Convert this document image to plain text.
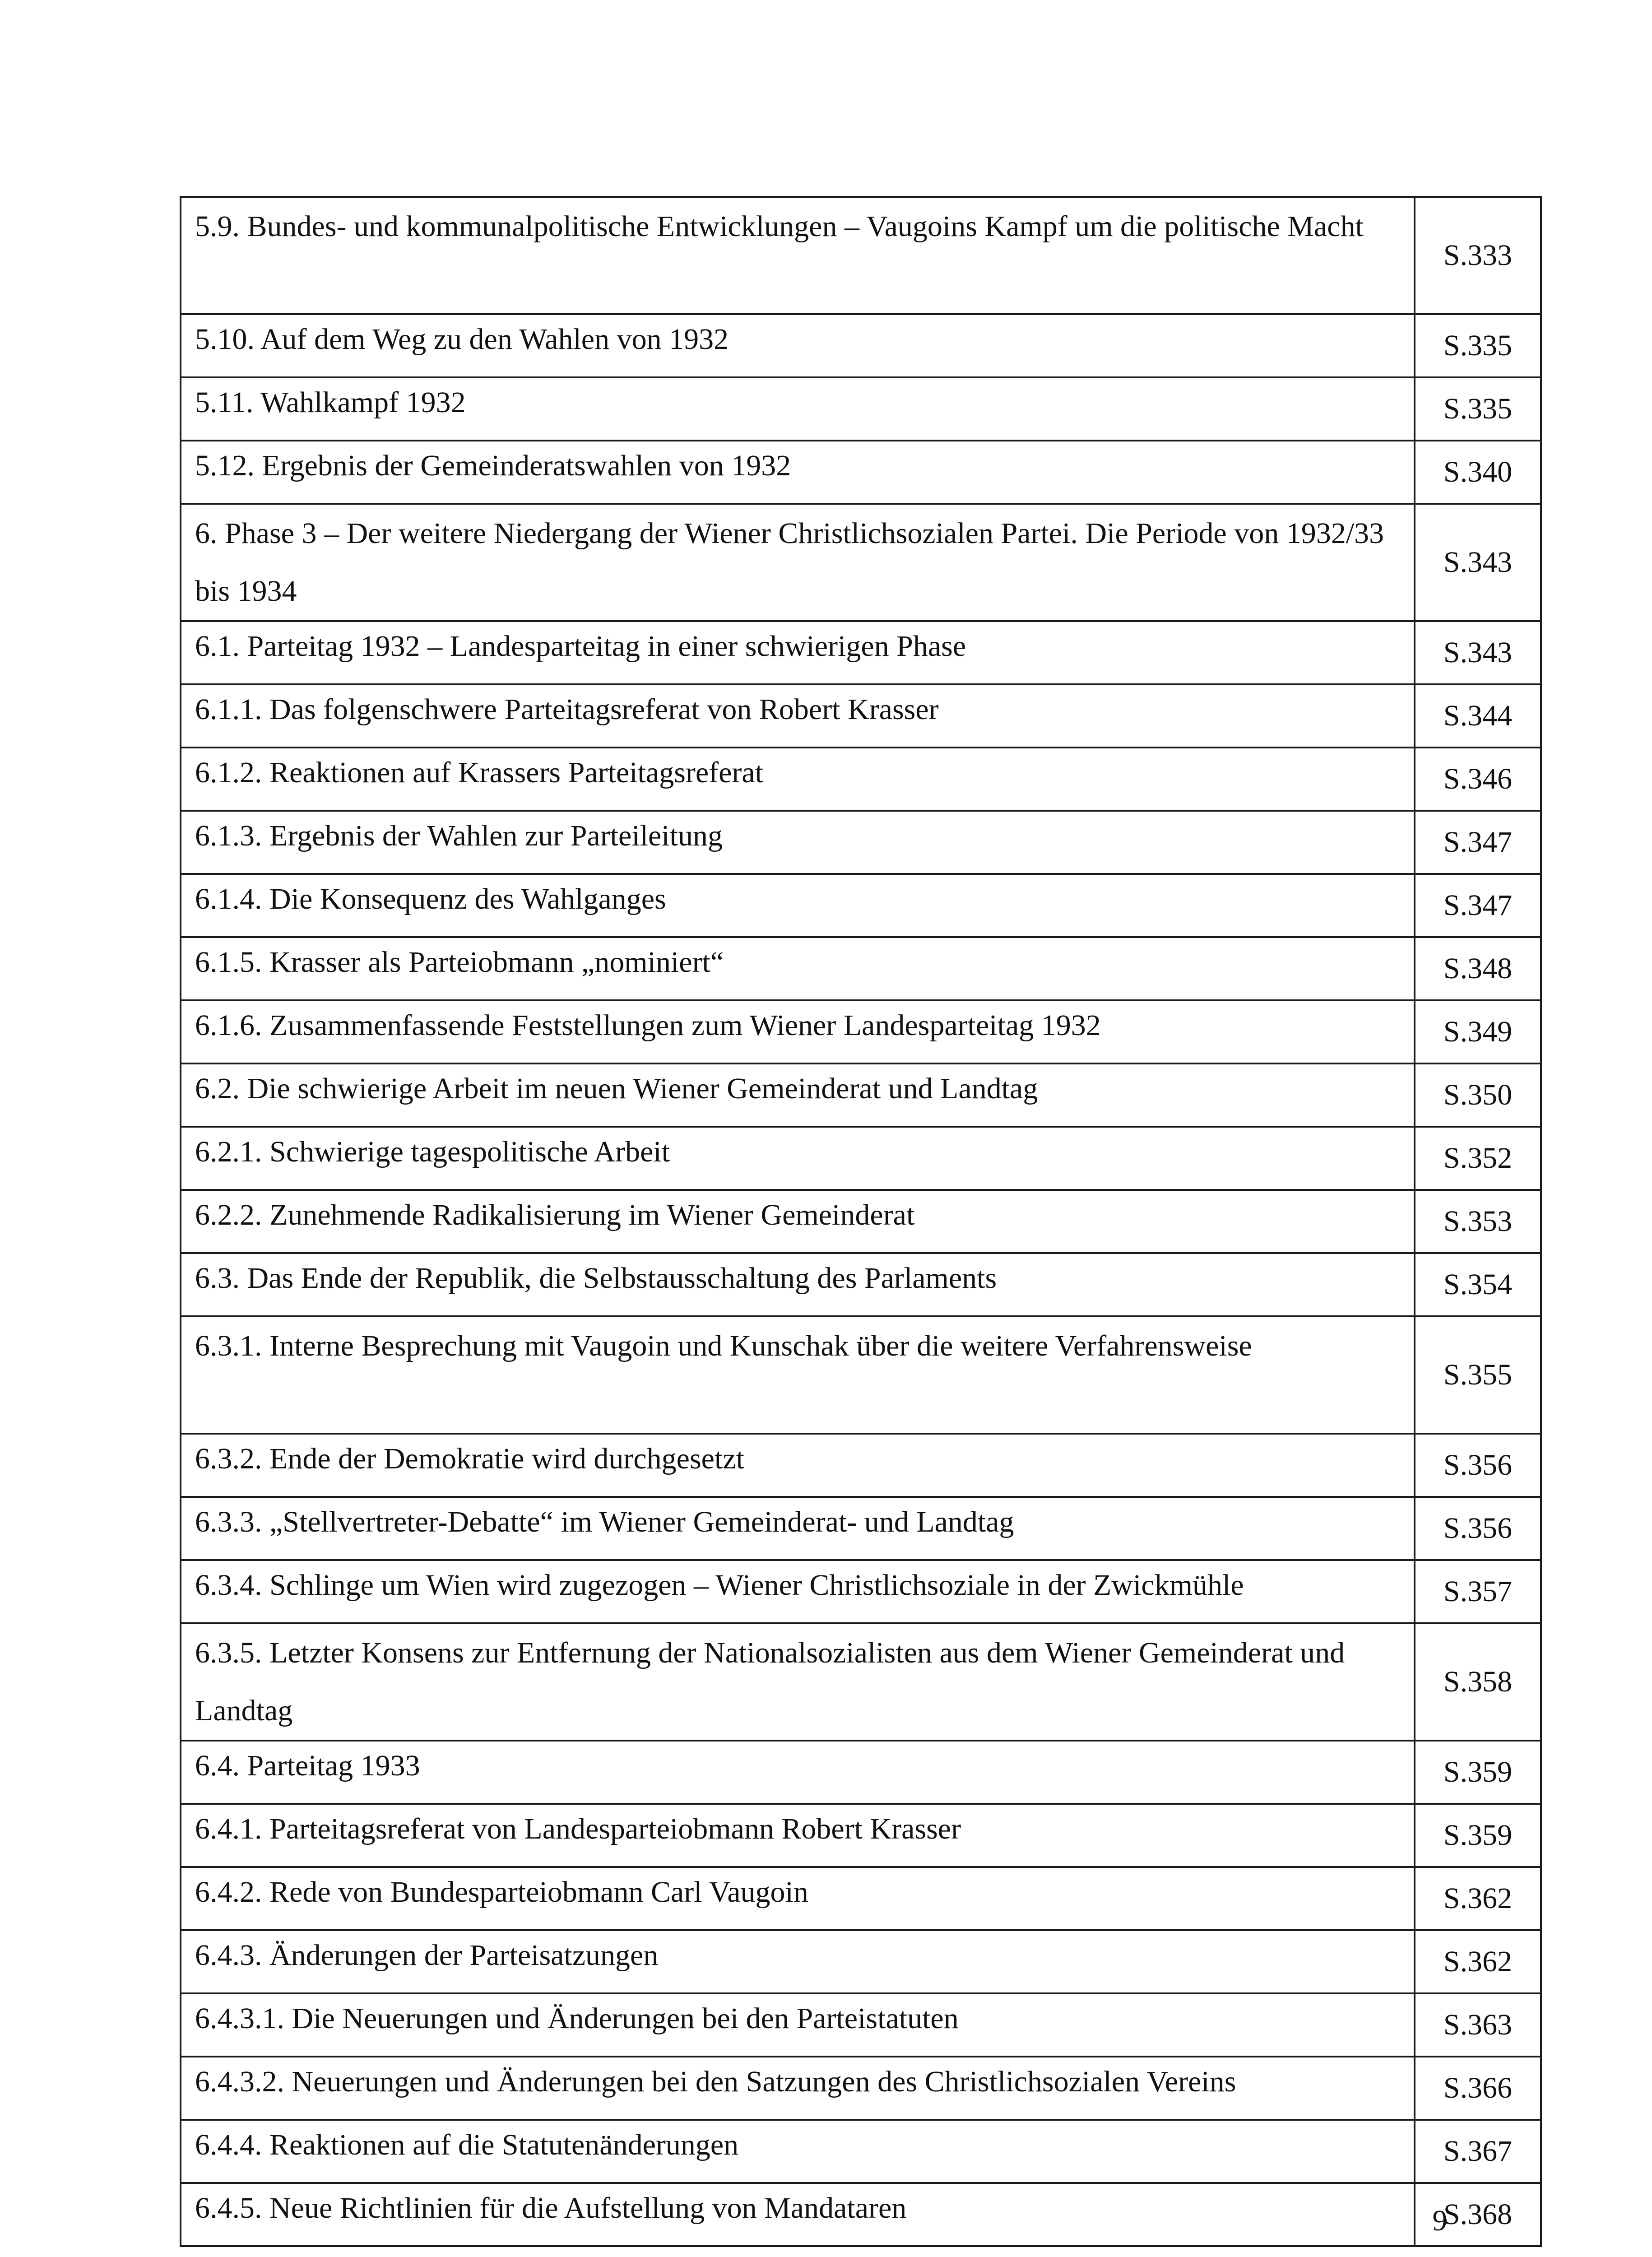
5.9. Bundes- und kommunalpolitische Entwicklungen – Vaugoins Kampf um die politische Macht	S.333
5.10. Auf dem Weg zu den Wahlen von 1932	S.335
5.11. Wahlkampf 1932	S.335
5.12. Ergebnis der Gemeinderatswahlen von 1932	S.340
6. Phase 3 – Der weitere Niedergang der Wiener Christlichsozialen Partei. Die Periode von 1932/33 bis 1934	S.343
6.1. Parteitag 1932 – Landesparteitag in einer schwierigen Phase	S.343
6.1.1. Das folgenschwere Parteitagsreferat von Robert Krasser	S.344
6.1.2. Reaktionen auf Krassers Parteitagsreferat	S.346
6.1.3. Ergebnis der Wahlen zur Parteileitung	S.347
6.1.4. Die Konsequenz des Wahlganges	S.347
6.1.5. Krasser als Parteiobmann „nominiert“	S.348
6.1.6. Zusammenfassende Feststellungen zum Wiener Landesparteitag 1932	S.349
6.2. Die schwierige Arbeit im neuen Wiener Gemeinderat und Landtag	S.350
6.2.1. Schwierige tagespolitische Arbeit	S.352
6.2.2. Zunehmende Radikalisierung im Wiener Gemeinderat	S.353
6.3. Das Ende der Republik, die Selbstausschaltung des Parlaments	S.354
6.3.1. Interne Besprechung mit Vaugoin und Kunschak über die weitere Verfahrensweise	S.355
6.3.2. Ende der Demokratie wird durchgesetzt	S.356
6.3.3. „Stellvertreter-Debatte“ im Wiener Gemeinderat- und Landtag	S.356
6.3.4. Schlinge um Wien wird zugezogen – Wiener Christlichsoziale in der Zwickmühle	S.357
6.3.5. Letzter Konsens zur Entfernung der Nationalsozialisten aus dem Wiener Gemeinderat und Landtag	S.358
6.4. Parteitag 1933	S.359
6.4.1. Parteitagsreferat von Landesparteiobmann Robert Krasser	S.359
6.4.2. Rede von Bundesparteiobmann Carl Vaugoin	S.362
6.4.3. Änderungen der Parteisatzungen	S.362
6.4.3.1. Die Neuerungen und Änderungen bei den Parteistatuten	S.363
6.4.3.2. Neuerungen und Änderungen bei den Satzungen des Christlichsozialen Vereins	S.366
6.4.4. Reaktionen auf die Statutenänderungen	S.367
6.4.5. Neue Richtlinien für die Aufstellung von Mandataren	S.368
9
